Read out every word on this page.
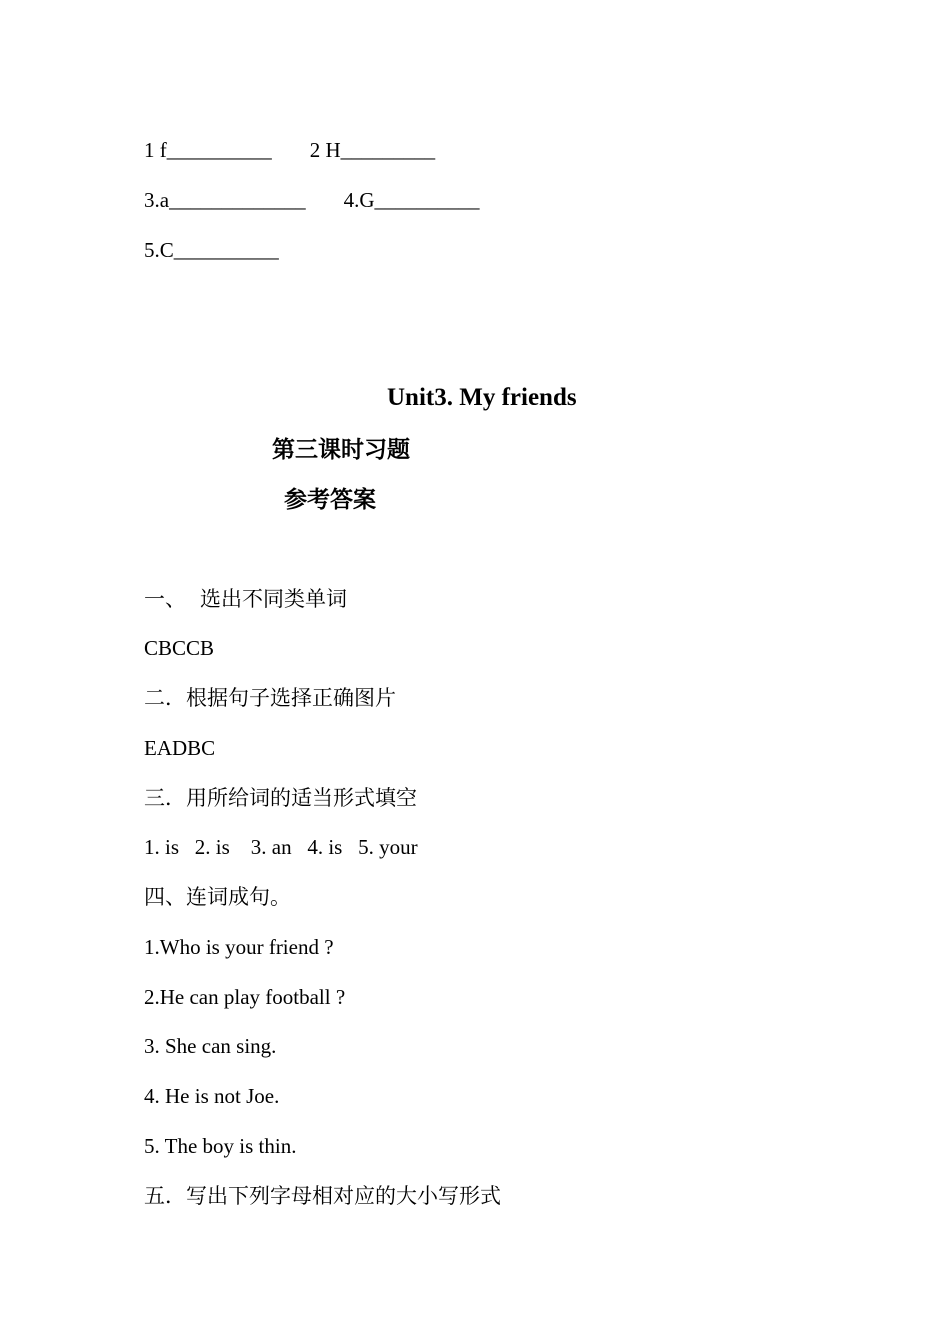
1 f__________ 2 H_________
3.a_____________ 4.G__________
5.C__________
Unit3. My friends
第三课时习题
参考答案
一、 选出不同类单词
CBCCB
二．根据句子选择正确图片
EADBC
三．用所给词的适当形式填空
1. is   2. is    3. an   4. is   5. your
四、连词成句。
1.Who is your friend ?
2.He can play football ?
3. She can sing.
4. He is not Joe.
5. The boy is thin.
五．写出下列字母相对应的大小写形式
